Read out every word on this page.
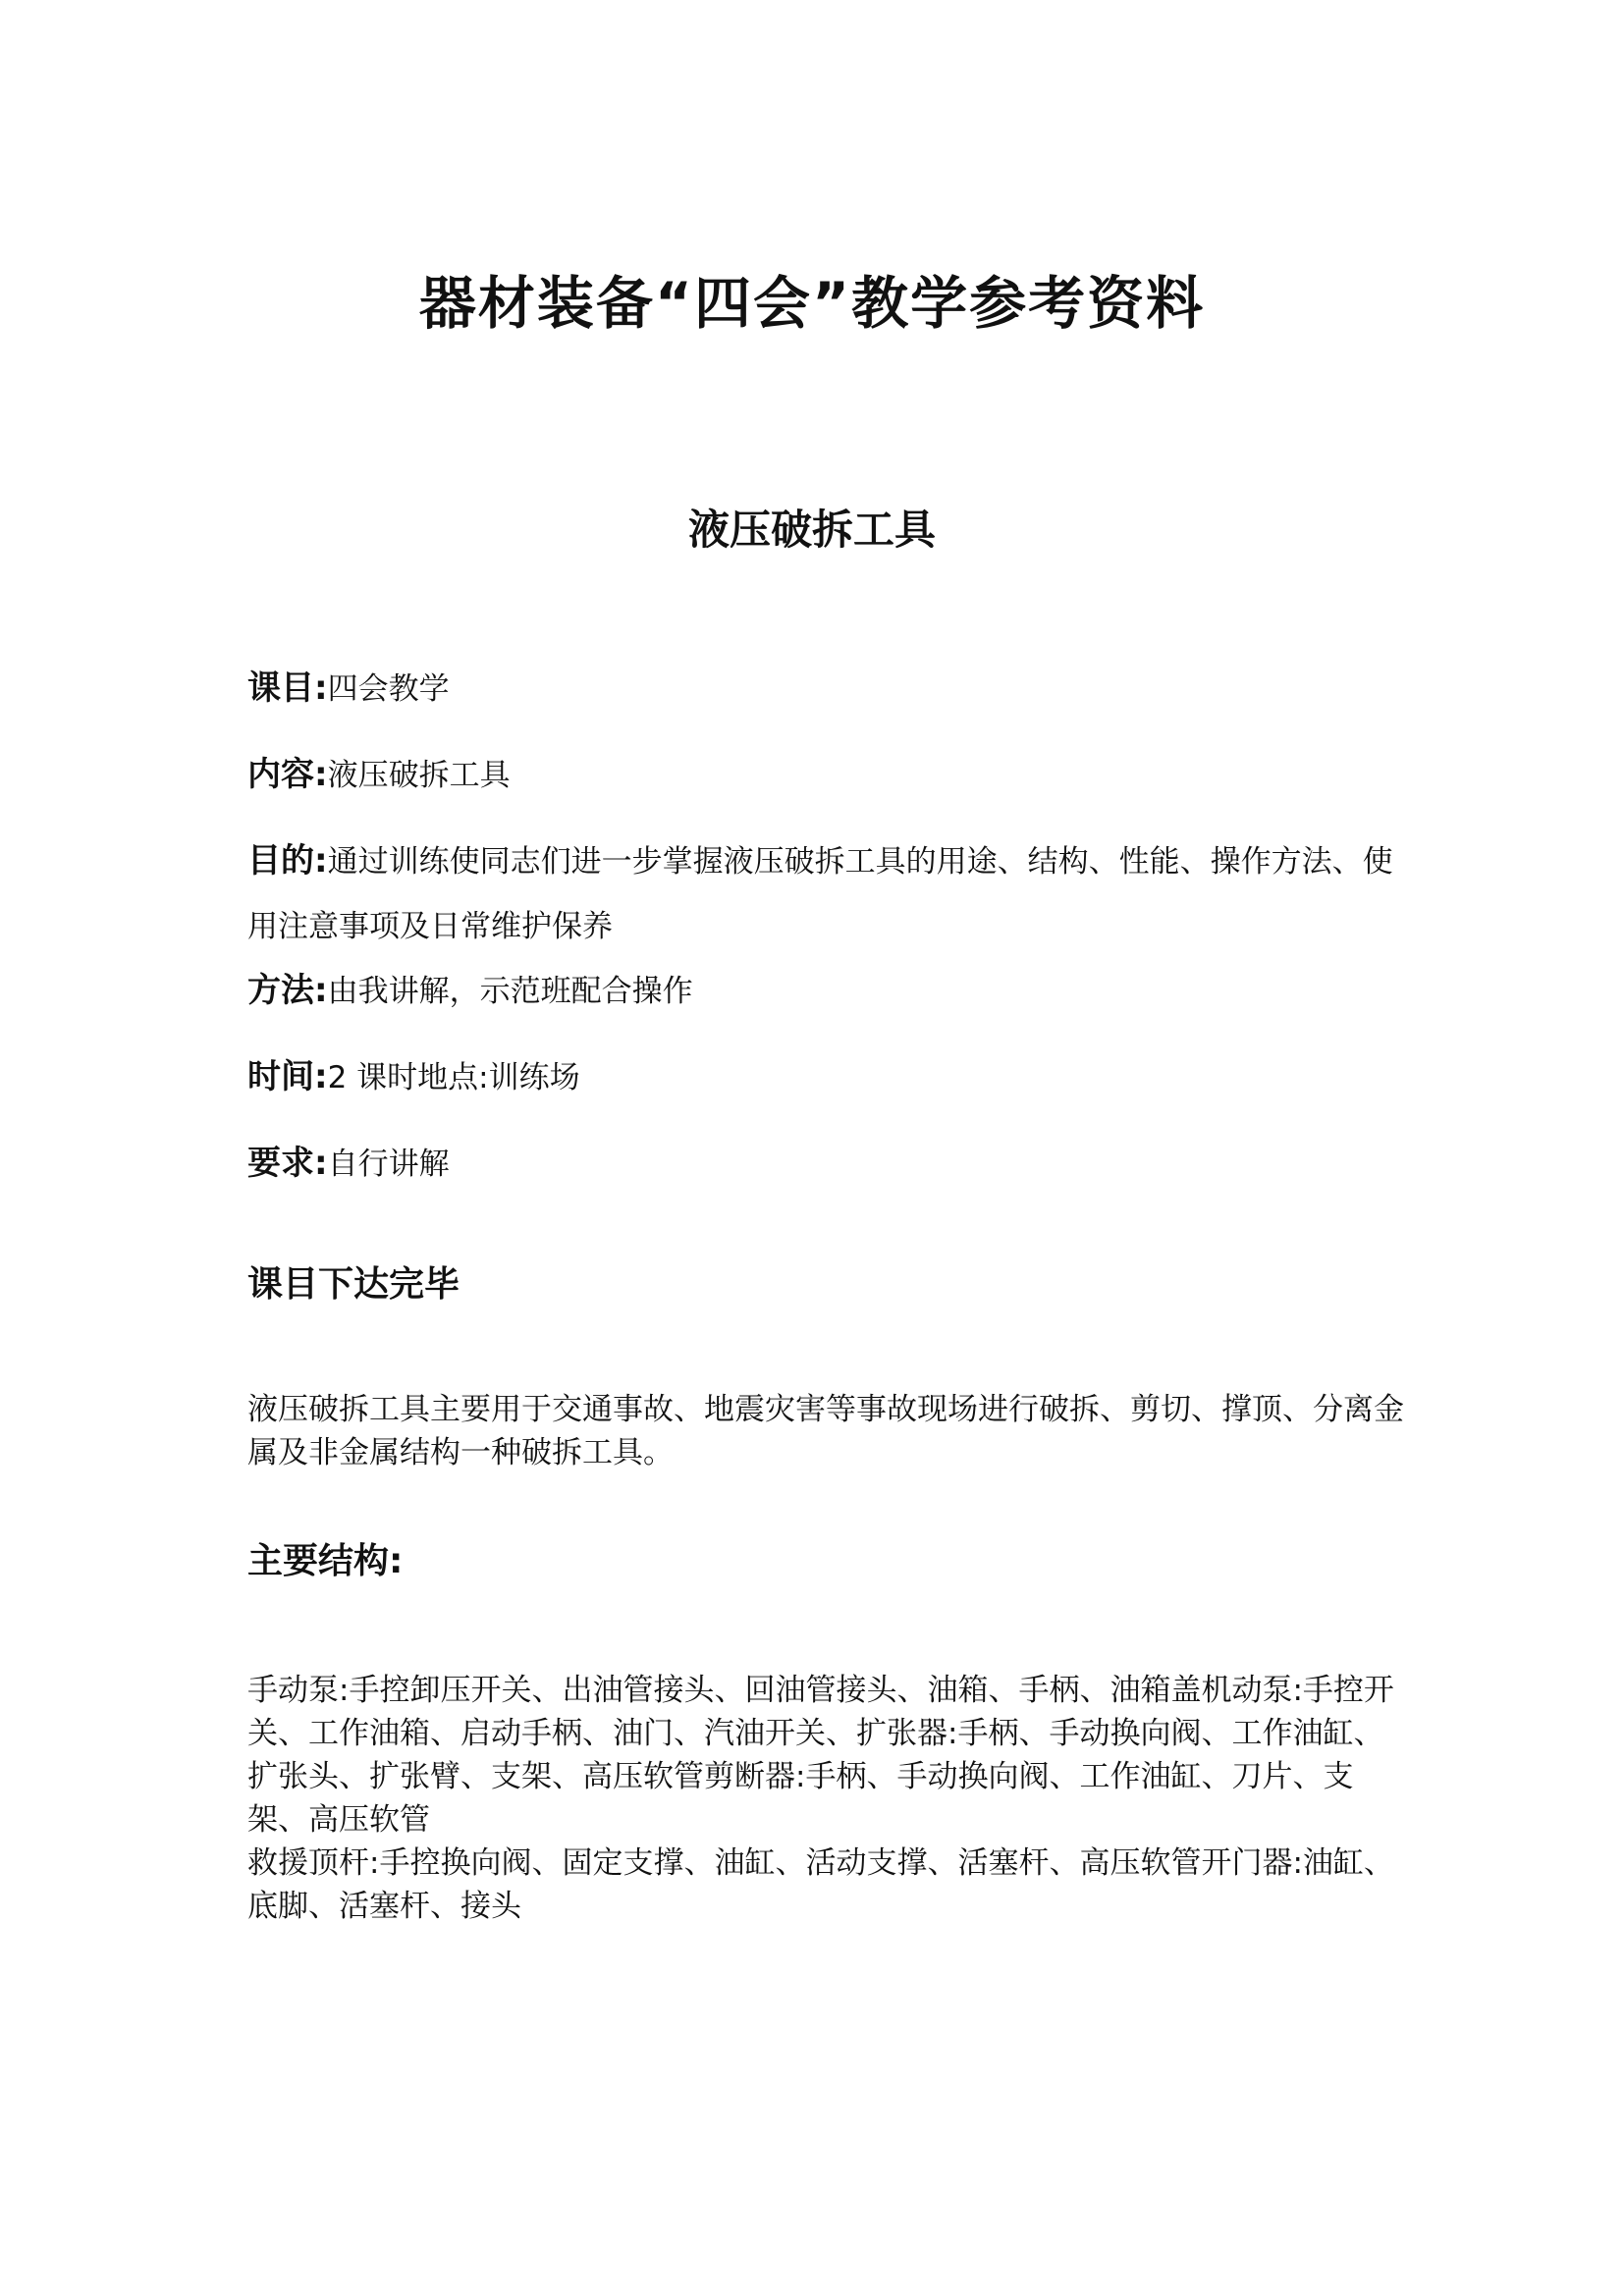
器材装备“四会”教学参考资料
液压破拆工具

课目:四会教学

内容:液压破拆工具

目的:通过训练使同志们进一步掌握液压破拆工具的用途、结构、性能、操作方法、使用注意事项及日常维护保养

方法:由我讲解，示范班配合操作

时间:2 课时地点:训练场

要求:自行讲解

课目下达完毕

液压破拆工具主要用于交通事故、地震灾害等事故现场进行破拆、剪切、撑顶、分离金属及非金属结构一种破拆工具。

主要结构:

手动泵:手控卸压开关、出油管接头、回油管接头、油箱、手柄、油箱盖机动泵:手控开关、工作油箱、启动手柄、油门、汽油开关、扩张器:手柄、手动换向阀、工作油缸、扩张头、扩张臂、支架、高压软管剪断器:手柄、手动换向阀、工作油缸、刀片、支架、高压软管

救援顶杆:手控换向阀、固定支撑、油缸、活动支撑、活塞杆、高压软管开门器:油缸、底脚、活塞杆、接头
